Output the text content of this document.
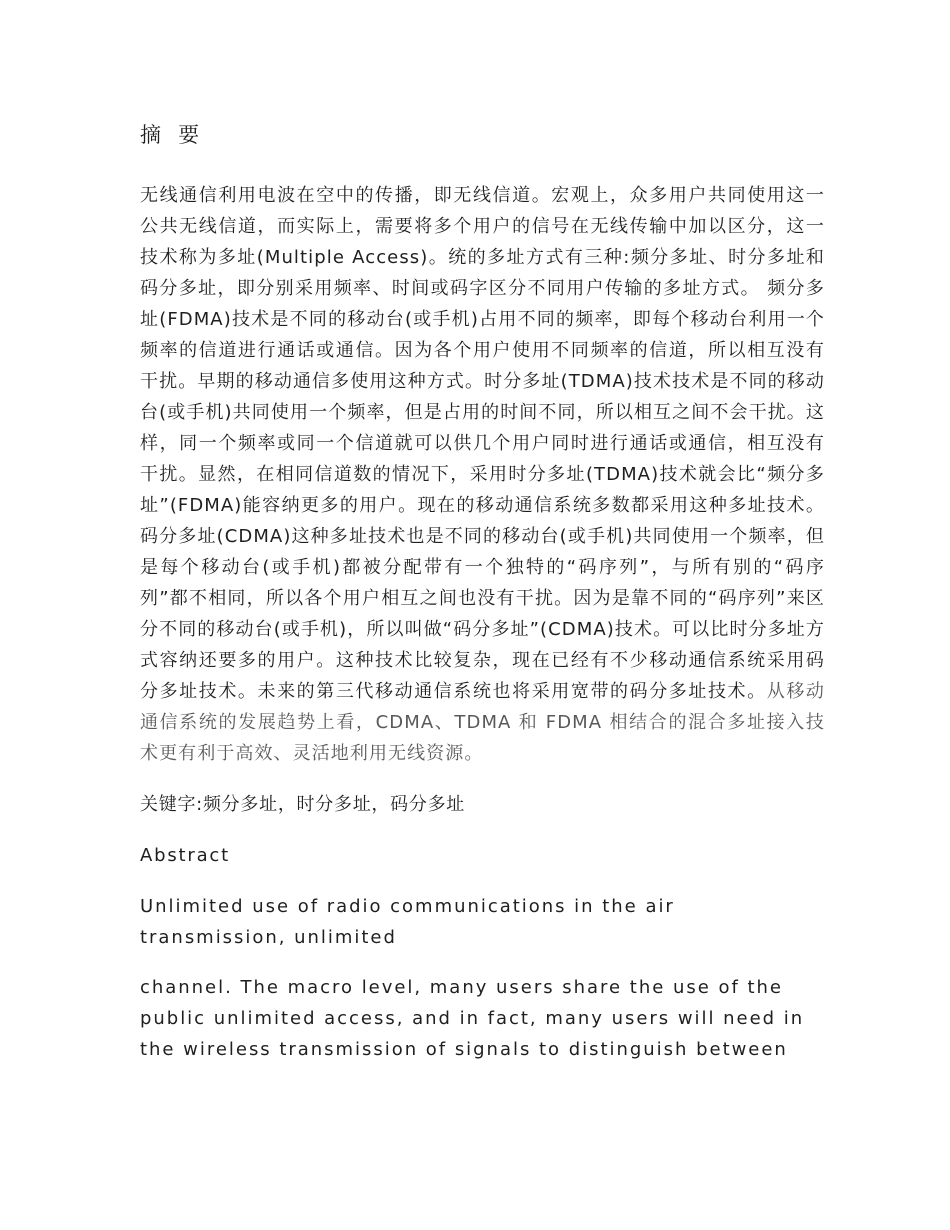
摘 要

无线通信利用电波在空中的传播，即无线信道。宏观上，众多用户共同使用这一公共无线信道，而实际上，需要将多个用户的信号在无线传输中加以区分，这一技术称为多址(Multiple Access)。统的多址方式有三种:频分多址、时分多址和码分多址，即分别采用频率、时间或码字区分不同用户传输的多址方式。 频分多址(FDMA)技术是不同的移动台(或手机)占用不同的频率，即每个移动台利用一个频率的信道进行通话或通信。因为各个用户使用不同频率的信道，所以相互没有干扰。早期的移动通信多使用这种方式。时分多址(TDMA)技术技术是不同的移动台(或手机)共同使用一个频率，但是占用的时间不同，所以相互之间不会干扰。这样，同一个频率或同一个信道就可以供几个用户同时进行通话或通信，相互没有干扰。显然，在相同信道数的情况下，采用时分多址(TDMA)技术就会比“频分多址”(FDMA)能容纳更多的用户。现在的移动通信系统多数都采用这种多址技术。码分多址(CDMA)这种多址技术也是不同的移动台(或手机)共同使用一个频率，但是每个移动台(或手机)都被分配带有一个独特的“码序列”，与所有别的“码序列”都不相同，所以各个用户相互之间也没有干扰。因为是靠不同的“码序列”来区分不同的移动台(或手机)，所以叫做“码分多址”(CDMA)技术。可以比时分多址方式容纳还要多的用户。这种技术比较复杂，现在已经有不少移动通信系统采用码分多址技术。未来的第三代移动通信系统也将采用宽带的码分多址技术。从移动通信系统的发展趋势上看，CDMA、TDMA 和 FDMA 相结合的混合多址接入技术更有利于高效、灵活地利用无线资源。

关键字:频分多址，时分多址，码分多址

Abstract

Unlimited use of radio communications in the air transmission, unlimited

channel. The macro level, many users share the use of the public unlimited access, and in fact, many users will need in the wireless transmission of signals to distinguish between
